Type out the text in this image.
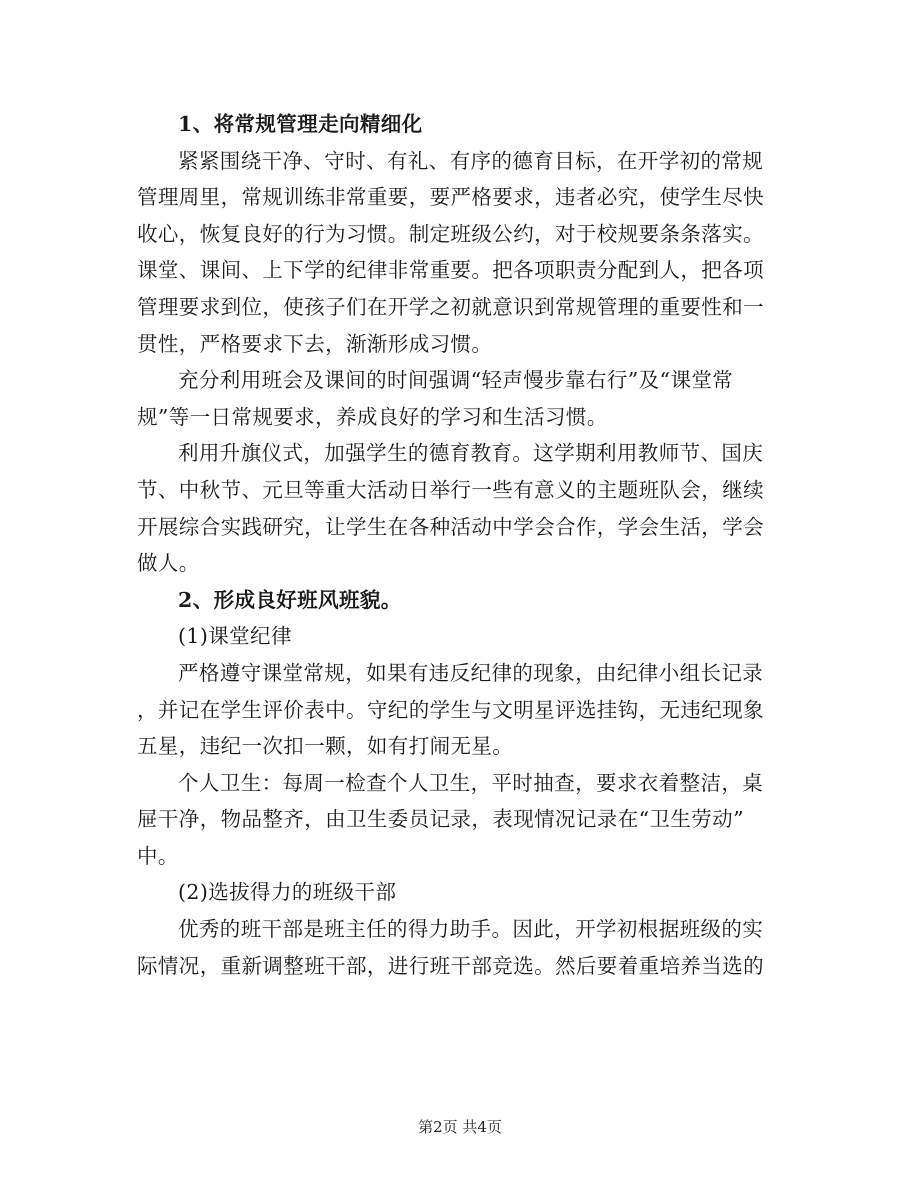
1、将常规管理走向精细化
紧紧围绕干净、守时、有礼、有序的德育目标，在开学初的常规
管理周里，常规训练非常重要，要严格要求，违者必究，使学生尽快
收心，恢复良好的行为习惯。制定班级公约，对于校规要条条落实。
课堂、课间、上下学的纪律非常重要。把各项职责分配到人，把各项
管理要求到位，使孩子们在开学之初就意识到常规管理的重要性和一
贯性，严格要求下去，渐渐形成习惯。
充分利用班会及课间的时间强调“轻声慢步靠右行”及“课堂常
规”等一日常规要求，养成良好的学习和生活习惯。
利用升旗仪式，加强学生的德育教育。这学期利用教师节、国庆
节、中秋节、元旦等重大活动日举行一些有意义的主题班队会，继续
开展综合实践研究，让学生在各种活动中学会合作，学会生活，学会
做人。
2、形成良好班风班貌。
(1)课堂纪律
严格遵守课堂常规，如果有违反纪律的现象，由纪律小组长记录
，并记在学生评价表中。守纪的学生与文明星评选挂钩，无违纪现象
五星，违纪一次扣一颗，如有打闹无星。
个人卫生：每周一检查个人卫生，平时抽查，要求衣着整洁，桌
屉干净，物品整齐，由卫生委员记录，表现情况记录在“卫生劳动”
中。
(2)选拔得力的班级干部
优秀的班干部是班主任的得力助手。因此，开学初根据班级的实
际情况，重新调整班干部，进行班干部竞选。然后要着重培养当选的
第2页 共4页
